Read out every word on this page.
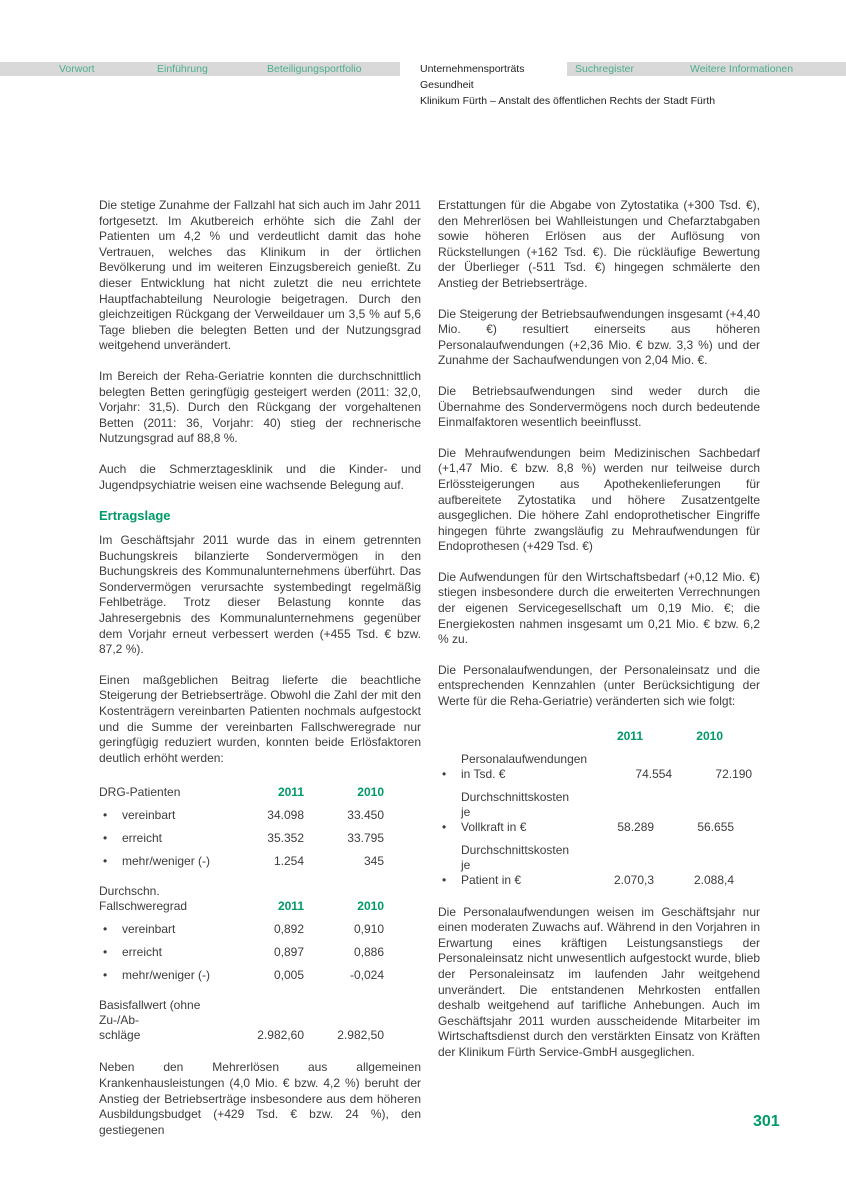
Vorwort	Einführung	Beteiligungsportfolio	Unternehmensporträts	Suchregister	Weitere Informationen
Gesundheit
Klinikum Fürth – Anstalt des öffentlichen Rechts der Stadt Fürth

Die stetige Zunahme der Fallzahl hat sich auch im Jahr 2011 fortgesetzt. Im Akutbereich erhöhte sich die Zahl der Patienten um 4,2 % und verdeutlicht damit das hohe Vertrauen, welches das Klinikum in der örtlichen Bevölkerung und im weiteren Einzugsbereich genießt. Zu dieser Entwicklung hat nicht zuletzt die neu errichtete Hauptfachabteilung Neurologie beigetragen. Durch den gleichzeitigen Rückgang der Verweildauer um 3,5 % auf 5,6 Tage blieben die belegten Betten und der Nutzungsgrad weitgehend unverändert.

Im Bereich der Reha-Geriatrie konnten die durchschnittlich belegten Betten geringfügig gesteigert werden (2011: 32,0, Vorjahr: 31,5). Durch den Rückgang der vorgehaltenen Betten (2011: 36, Vorjahr: 40) stieg der rechnerische Nutzungsgrad auf 88,8 %.

Auch die Schmerztagesklinik und die Kinder- und Jugendpsychiatrie weisen eine wachsende Belegung auf.

Ertragslage

Im Geschäftsjahr 2011 wurde das in einem getrennten Buchungskreis bilanzierte Sondervermögen in den Buchungskreis des Kommunalunternehmens überführt. Das Sondervermögen verursachte systembedingt regelmäßig Fehlbeträge. Trotz dieser Belastung konnte das Jahresergebnis des Kommunalunternehmens gegenüber dem Vorjahr erneut verbessert werden (+455 Tsd. € bzw. 87,2 %).

Einen maßgeblichen Beitrag lieferte die beachtliche Steigerung der Betriebserträge. Obwohl die Zahl der mit den Kostenträgern vereinbarten Patienten nochmals aufgestockt und die Summe der vereinbarten Fallschweregrade nur geringfügig reduziert wurden, konnten beide Erlösfaktoren deutlich erhöht werden:

DRG-Patienten	2011	2010
•	vereinbart	34.098	33.450
•	erreicht	35.352	33.795
•	mehr/weniger (-)	1.254	345
Durchschn. Fallschweregrad	2011	2010
•	vereinbart	0,892	0,910
•	erreicht	0,897	0,886
•	mehr/weniger (-)	0,005	-0,024
Basisfallwert (ohne Zu-/Ab-
schläge	2.982,60	2.982,50

Neben den Mehrerlösen aus allgemeinen Krankenhausleistungen (4,0 Mio. € bzw. 4,2 %) beruht der Anstieg der Betriebserträge insbesondere aus dem höheren Ausbildungsbudget (+429 Tsd. € bzw. 24 %), den gestiegenen

Erstattungen für die Abgabe von Zytostatika (+300 Tsd. €), den Mehrerlösen bei Wahlleistungen und Chefarztabgaben sowie höheren Erlösen aus der Auflösung von Rückstellungen (+162 Tsd. €). Die rückläufige Bewertung der Überlieger (-511 Tsd. €) hingegen schmälerte den Anstieg der Betriebserträge.

Die Steigerung der Betriebsaufwendungen insgesamt (+4,40 Mio. €) resultiert einerseits aus höheren Personalaufwendungen (+2,36 Mio. € bzw. 3,3 %) und der Zunahme der Sachaufwendungen von 2,04 Mio. €.

Die Betriebsaufwendungen sind weder durch die Übernahme des Sondervermögens noch durch bedeutende Einmalfaktoren wesentlich beeinflusst.

Die Mehraufwendungen beim Medizinischen Sachbedarf (+1,47 Mio. € bzw. 8,8 %) werden nur teilweise durch Erlössteigerungen aus Apothekenlieferungen für aufbereitete Zytostatika und höhere Zusatzentgelte ausgeglichen. Die höhere Zahl endoprothetischer Eingriffe hingegen führte zwangsläufig zu Mehraufwendungen für Endoprothesen (+429 Tsd. €)

Die Aufwendungen für den Wirtschaftsbedarf (+0,12 Mio. €) stiegen insbesondere durch die erweiterten Verrechnungen der eigenen Servicegesellschaft um 0,19 Mio. €; die Energiekosten nahmen insgesamt um 0,21 Mio. € bzw. 6,2 % zu.

Die Personalaufwendungen, der Personaleinsatz und die entsprechenden Kennzahlen (unter Berücksichtigung der Werte für die Reha-Geriatrie) veränderten sich wie folgt:

2011	2010
•
Personalaufwendungen
in Tsd. €	74.554	72.190
•
Durchschnittskosten je
Vollkraft in €	58.289	56.655
•
Durchschnittskosten je
Patient in €	2.070,3	2.088,4

Die Personalaufwendungen weisen im Geschäftsjahr nur einen moderaten Zuwachs auf. Während in den Vorjahren in Erwartung eines kräftigen Leistungsanstiegs der Personaleinsatz nicht unwesentlich aufgestockt wurde, blieb der Personaleinsatz im laufenden Jahr weitgehend unverändert. Die entstandenen Mehrkosten entfallen deshalb weitgehend auf tarifliche Anhebungen. Auch im Geschäftsjahr 2011 wurden ausscheidende Mitarbeiter im Wirtschaftsdienst durch den verstärkten Einsatz von Kräften der Klinikum Fürth Service-GmbH ausgeglichen.

301
